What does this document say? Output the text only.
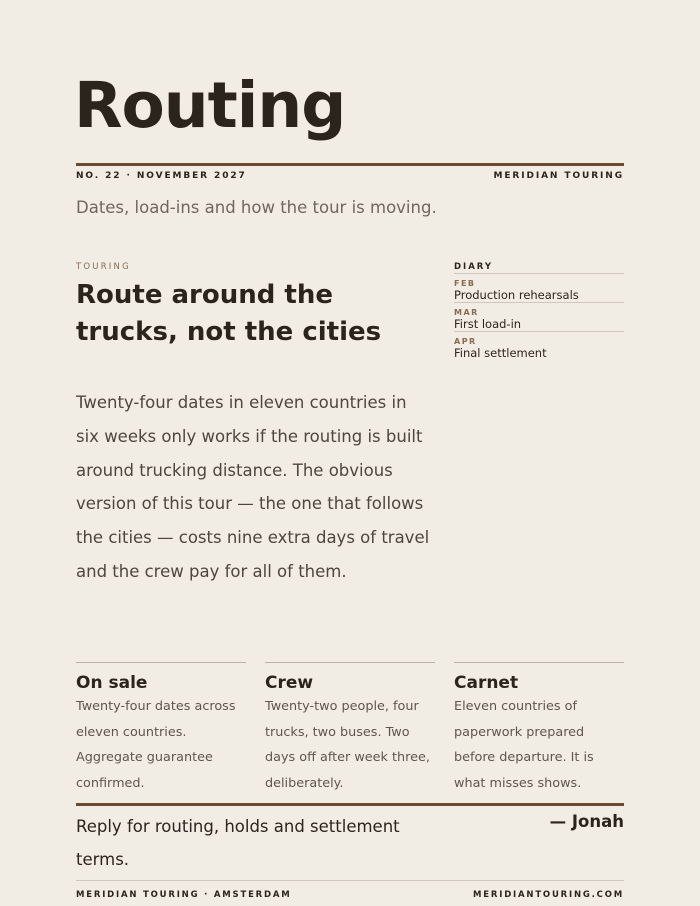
Routing
NO. 22 · NOVEMBER 2027	MERIDIAN TOURING
Dates, load-ins and how the tour is moving.
TOURING
Route around the trucks, not the cities

Twenty-four dates in eleven countries in six weeks only works if the routing is built around trucking distance. The obvious version of this tour — the one that follows the cities — costs nine extra days of travel and the crew pay for all of them.

DIARY
FEB
Production rehearsals
MAR
First load-in
APR
Final settlement
On sale
Twenty-four dates across eleven countries. Aggregate guarantee confirmed.
Crew
Twenty-two people, four trucks, two buses. Two days off after week three, deliberately.
Carnet
Eleven countries of paperwork prepared before departure. It is what misses shows.
Reply for routing, holds and settlement terms.
— Jonah
MERIDIAN TOURING · AMSTERDAM	MERIDIANTOURING.COM
